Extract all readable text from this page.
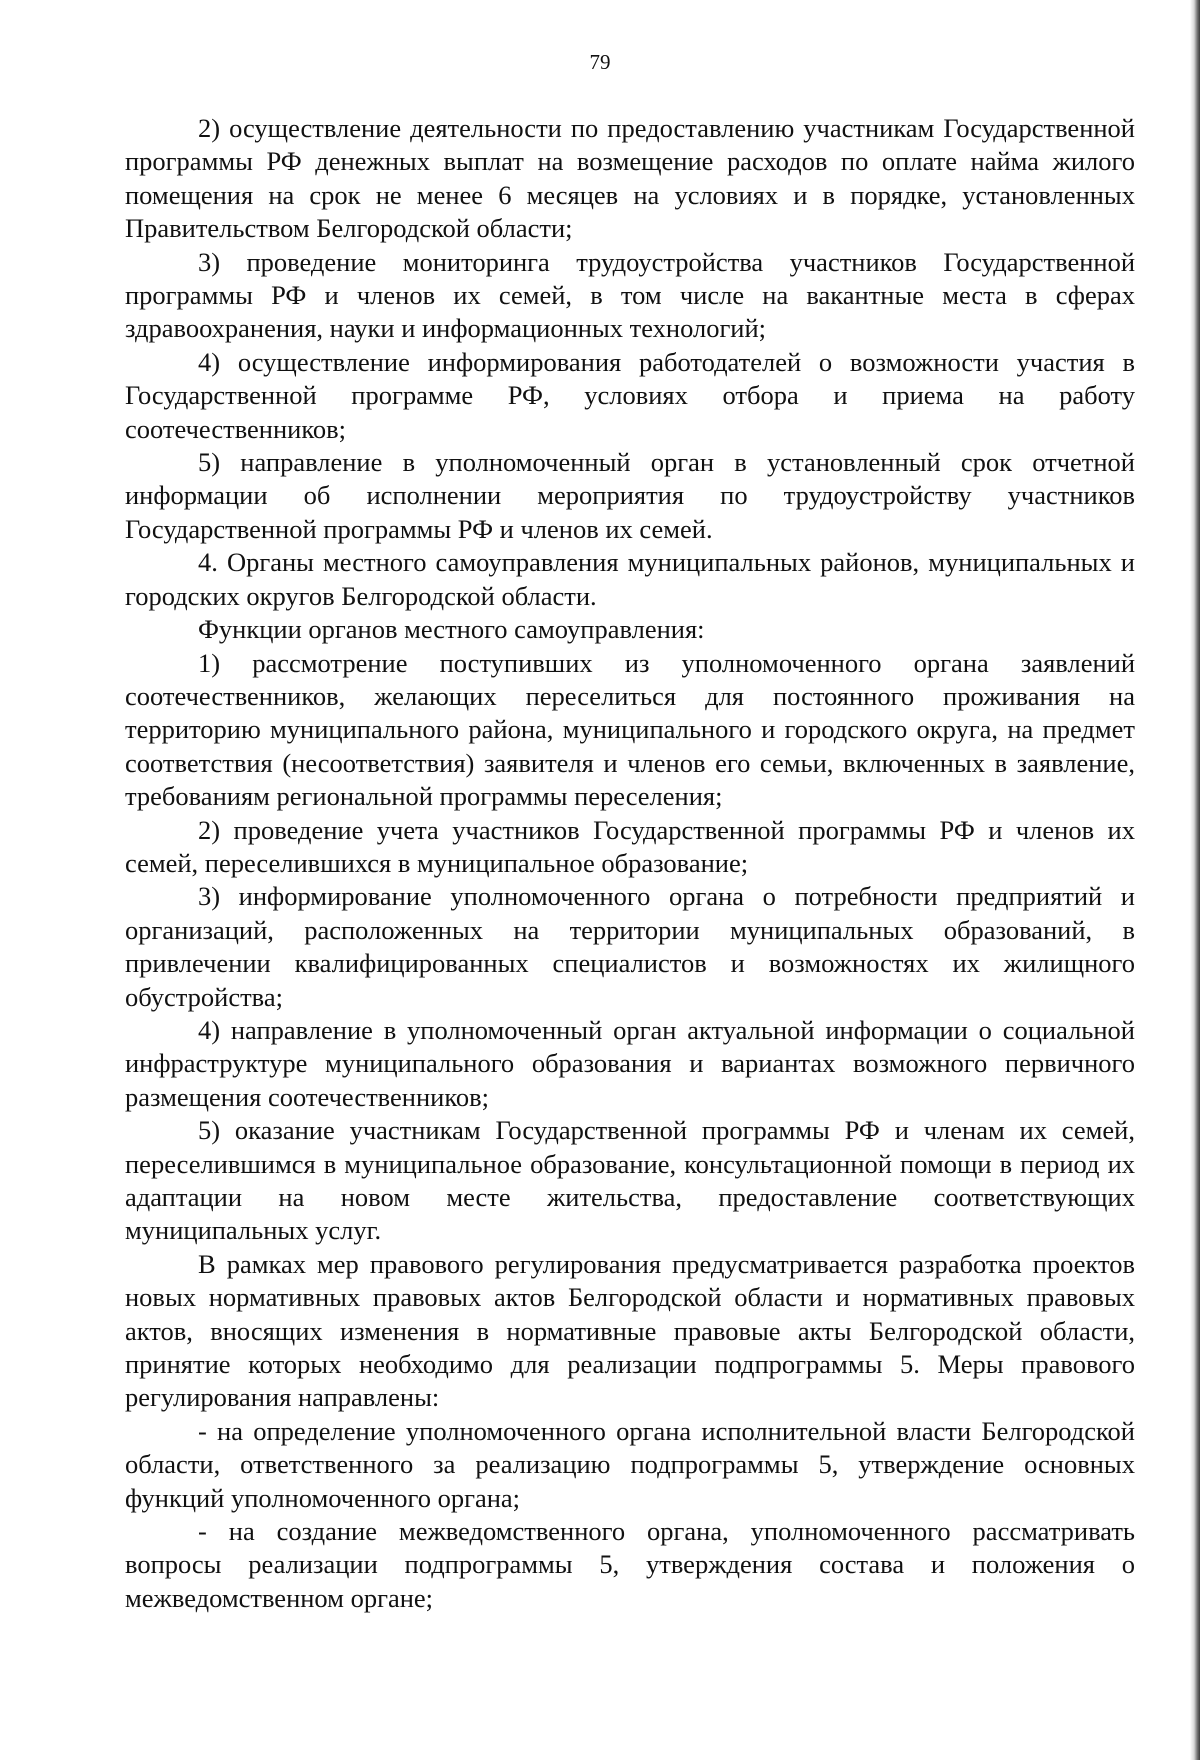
79

2) осуществление деятельности по предоставлению участникам Государственной программы РФ денежных выплат на возмещение расходов по оплате найма жилого помещения на срок не менее 6 месяцев на условиях и в порядке, установленных Правительством Белгородской области;

3) проведение мониторинга трудоустройства участников Государственной программы РФ и членов их семей, в том числе на вакантные места в сферах здравоохранения, науки и информационных технологий;

4) осуществление информирования работодателей о возможности участия в Государственной программе РФ, условиях отбора и приема на работу соотечественников;

5) направление в уполномоченный орган в установленный срок отчетной информации об исполнении мероприятия по трудоустройству участников Государственной программы РФ и членов их семей.

4. Органы местного самоуправления муниципальных районов, муниципальных и городских округов Белгородской области.

Функции органов местного самоуправления:

1) рассмотрение поступивших из уполномоченного органа заявлений соотечественников, желающих переселиться для постоянного проживания на территорию муниципального района, муниципального и городского округа, на предмет соответствия (несоответствия) заявителя и членов его семьи, включенных в заявление, требованиям региональной программы переселения;

2) проведение учета участников Государственной программы РФ и членов их семей, переселившихся в муниципальное образование;

3) информирование уполномоченного органа о потребности предприятий и организаций, расположенных на территории муниципальных образований, в привлечении квалифицированных специалистов и возможностях их жилищного обустройства;

4) направление в уполномоченный орган актуальной информации о социальной инфраструктуре муниципального образования и вариантах возможного первичного размещения соотечественников;

5) оказание участникам Государственной программы РФ и членам их семей, переселившимся в муниципальное образование, консультационной помощи в период их адаптации на новом месте жительства, предоставление соответствующих муниципальных услуг.

В рамках мер правового регулирования предусматривается разработка проектов новых нормативных правовых актов Белгородской области и нормативных правовых актов, вносящих изменения в нормативные правовые акты Белгородской области, принятие которых необходимо для реализации подпрограммы 5. Меры правового регулирования направлены:

- на определение уполномоченного органа исполнительной власти Белгородской области, ответственного за реализацию подпрограммы 5, утверждение основных функций уполномоченного органа;

- на создание межведомственного органа, уполномоченного рассматривать вопросы реализации подпрограммы 5, утверждения состава и положения о межведомственном органе;
